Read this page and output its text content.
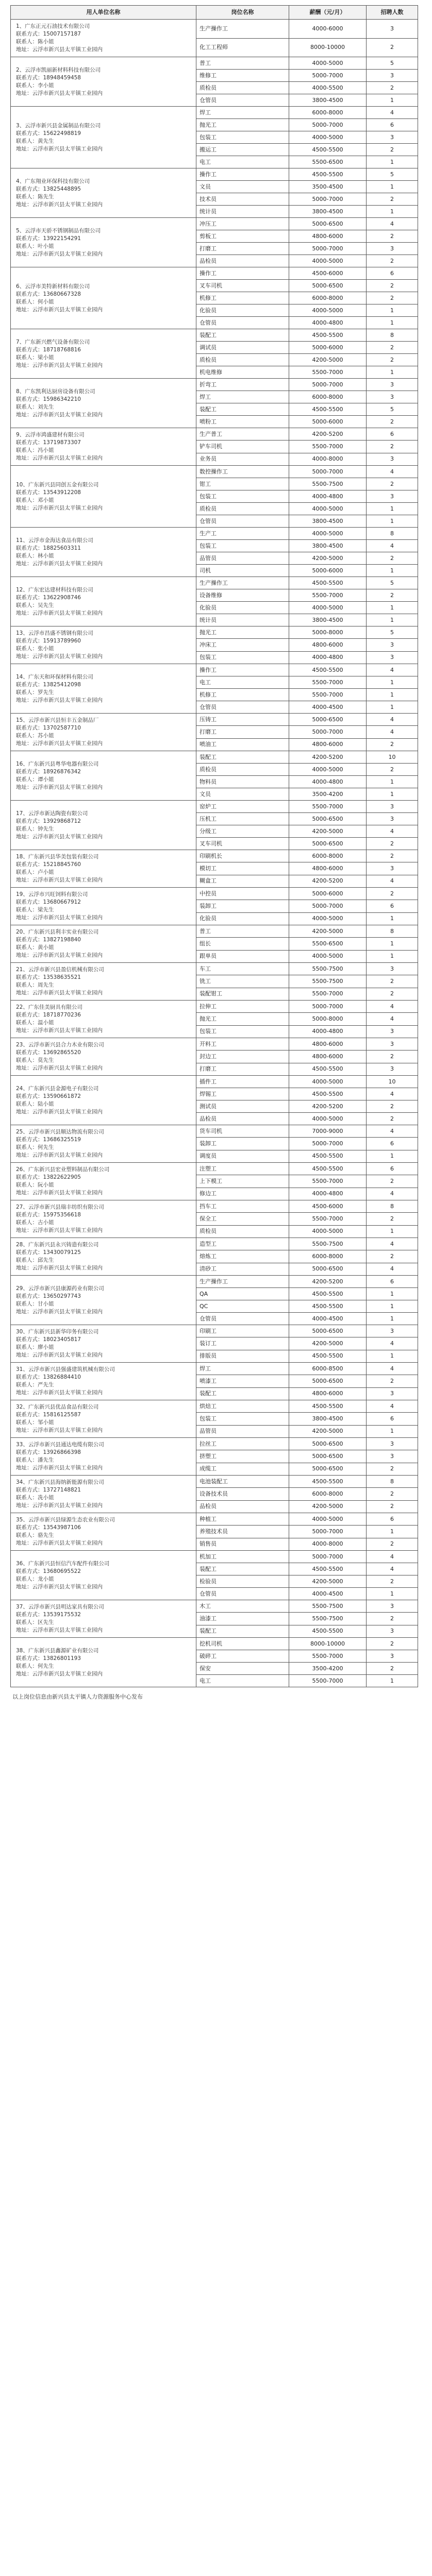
用人单位名称	岗位名称	薪酬（元/月）	招聘人数
1、广东正元石油技术有限公司
联系方式：15007157187
联系人：陈小姐
地址：云浮市新兴县太平镇工业园内	生产操作工	4000-6000	3
	化工工程师	8000-10000	2
2、云浮市凯丽新材料科技有限公司
联系方式：18948459458
联系人：李小姐
地址：云浮市新兴县太平镇工业园内	普工	4000-5000	5
	维修工	5000-7000	3
	质检员	4000-5500	2
	仓管员	3800-4500	1
3、云浮市新兴县金属制品有限公司
联系方式：15622498819
联系人：黄先生
地址：云浮市新兴县太平镇工业园内	焊工	6000-8000	4
	抛光工	5000-7000	6
	包装工	4000-5000	3
	搬运工	4500-5500	2
	电工	5500-6500	1
4、广东翔业环保科技有限公司
联系方式：13825448895
联系人：陈先生
地址：云浮市新兴县太平镇工业园内	操作工	4500-5500	5
	文员	3500-4500	1
	技术员	5000-7000	2
	统计员	3800-4500	1
5、云浮市天骄不锈钢制品有限公司
联系方式：13922154291
联系人：叶小姐
地址：云浮市新兴县太平镇工业园内	冲压工	5000-6500	4
	剪板工	4800-6000	2
	打磨工	5000-7000	3
	品检员	4000-5000	2
6、云浮市美特新材料有限公司
联系方式：13680667328
联系人：何小姐
地址：云浮市新兴县太平镇工业园内	操作工	4500-6000	6
	叉车司机	5000-6500	2
	机修工	6000-8000	2
	化验员	4000-5000	1
	仓管员	4000-4800	1
7、广东新兴燃气设备有限公司
联系方式：18718768816
联系人：梁小姐
地址：云浮市新兴县太平镇工业园内	装配工	4500-5500	8
	调试员	5000-6000	2
	质检员	4200-5000	2
	机电维修	5500-7000	1
8、广东凯利达厨房设备有限公司
联系方式：15986342210
联系人：刘先生
地址：云浮市新兴县太平镇工业园内	折弯工	5000-7000	3
	焊工	6000-8000	3
	装配工	4500-5500	5
	喷粉工	5000-6000	2
9、云浮市鸿盛建材有限公司
联系方式：13719873307
联系人：冯小姐
地址：云浮市新兴县太平镇工业园内	生产普工	4200-5200	6
	铲车司机	5500-7000	2
	业务员	4000-8000	3
10、广东新兴县同创五金有限公司
联系方式：13543912208
联系人：邓小姐
地址：云浮市新兴县太平镇工业园内	数控操作工	5000-7000	4
	钳工	5500-7500	2
	包装工	4000-4800	3
	质检员	4000-5000	1
	仓管员	3800-4500	1
11、云浮市金海达食品有限公司
联系方式：18825603311
联系人：林小姐
地址：云浮市新兴县太平镇工业园内	生产工	4000-5000	8
	包装工	3800-4500	4
	品管员	4200-5000	2
	司机	5000-6000	1
12、广东宏达建材科技有限公司
联系方式：13622908746
联系人：吴先生
地址：云浮市新兴县太平镇工业园内	生产操作工	4500-5500	5
	设备维修	5500-7000	2
	化验员	4000-5000	1
	统计员	3800-4500	1
13、云浮市昌盛不锈钢有限公司
联系方式：15913789960
联系人：张小姐
地址：云浮市新兴县太平镇工业园内	抛光工	5000-8000	5
	冲床工	4800-6000	3
	包装工	4000-4800	3
14、广东天和环保材料有限公司
联系方式：13825412098
联系人：罗先生
地址：云浮市新兴县太平镇工业园内	操作工	4500-5500	4
	电工	5500-7000	1
	机修工	5500-7000	1
	仓管员	4000-4500	1
15、云浮市新兴县恒丰五金制品厂
联系方式：13702587710
联系人：苏小姐
地址：云浮市新兴县太平镇工业园内	压铸工	5000-6500	4
	打磨工	5000-7000	4
	喷油工	4800-6000	2
16、广东新兴县粤华电器有限公司
联系方式：18926876342
联系人：谭小姐
地址：云浮市新兴县太平镇工业园内	装配工	4200-5200	10
	质检员	4000-5000	2
	物料员	4000-4800	1
	文员	3500-4200	1
17、云浮市新达陶瓷有限公司
联系方式：13929868712
联系人：钟先生
地址：云浮市新兴县太平镇工业园内	窑炉工	5500-7000	3
	压机工	5000-6500	3
	分级工	4200-5000	4
	叉车司机	5000-6500	2
18、广东新兴县华美包装有限公司
联系方式：15218845760
联系人：卢小姐
地址：云浮市新兴县太平镇工业园内	印刷机长	6000-8000	2
	模切工	4800-6000	3
	糊盒工	4200-5200	4
19、云浮市兴旺饲料有限公司
联系方式：13680667912
联系人：梁先生
地址：云浮市新兴县太平镇工业园内	中控员	5000-6000	2
	装卸工	5000-7000	6
	化验员	4000-5000	1
20、广东新兴县利丰实业有限公司
联系方式：13827198840
联系人：黄小姐
地址：云浮市新兴县太平镇工业园内	普工	4200-5000	8
	组长	5500-6500	1
	跟单员	4000-5000	1
21、云浮市新兴县盈信机械有限公司
联系方式：13538635521
联系人：周先生
地址：云浮市新兴县太平镇工业园内	车工	5500-7500	3
	铣工	5500-7500	2
	装配钳工	5500-7000	2
22、广东佳美厨具有限公司
联系方式：18718770236
联系人：温小姐
地址：云浮市新兴县太平镇工业园内	拉伸工	5000-7000	4
	抛光工	5000-8000	4
	包装工	4000-4800	3
23、云浮市新兴县合力木业有限公司
联系方式：13692865520
联系人：莫先生
地址：云浮市新兴县太平镇工业园内	开料工	4800-6000	3
	封边工	4800-6000	2
	打磨工	4500-5500	3
24、广东新兴县金源电子有限公司
联系方式：13590661872
联系人：陆小姐
地址：云浮市新兴县太平镇工业园内	插件工	4000-5000	10
	焊锡工	4500-5500	4
	测试员	4200-5200	2
	品检员	4000-5000	2
25、云浮市新兴县顺达物流有限公司
联系方式：13686325519
联系人：何先生
地址：云浮市新兴县太平镇工业园内	货车司机	7000-9000	4
	装卸工	5000-7000	6
	调度员	4500-5500	1
26、广东新兴县宏业塑料制品有限公司
联系方式：13822622905
联系人：阮小姐
地址：云浮市新兴县太平镇工业园内	注塑工	4500-5500	6
	上下模工	5500-7000	2
	修边工	4000-4800	4
27、云浮市新兴县瑞丰纺织有限公司
联系方式：15975356618
联系人：古小姐
地址：云浮市新兴县太平镇工业园内	挡车工	4500-6000	8
	保全工	5500-7000	2
	质检员	4000-5000	1
28、广东新兴县永兴铸造有限公司
联系方式：13430079125
联系人：邱先生
地址：云浮市新兴县太平镇工业园内	造型工	5500-7500	4
	熔炼工	6000-8000	2
	清砂工	5000-6500	4
29、云浮市新兴县康源药业有限公司
联系方式：13650297743
联系人：甘小姐
地址：云浮市新兴县太平镇工业园内	生产操作工	4200-5200	6
	QA	4500-5500	1
	QC	4500-5500	1
	仓管员	4000-4500	1
30、广东新兴县新华印务有限公司
联系方式：18023405817
联系人：廖小姐
地址：云浮市新兴县太平镇工业园内	印刷工	5000-6500	3
	装订工	4200-5000	4
	排版员	4500-5500	1
31、云浮市新兴县强盛建筑机械有限公司
联系方式：13826884410
联系人：严先生
地址：云浮市新兴县太平镇工业园内	焊工	6000-8500	4
	喷漆工	5000-6500	2
	装配工	4800-6000	3
32、广东新兴县优品食品有限公司
联系方式：15816125587
联系人：邹小姐
地址：云浮市新兴县太平镇工业园内	烘焙工	4500-5500	4
	包装工	3800-4500	6
	品管员	4200-5000	1
33、云浮市新兴县通达电缆有限公司
联系方式：13926866398
联系人：潘先生
地址：云浮市新兴县太平镇工业园内	拉丝工	5000-6500	3
	挤塑工	5000-6500	3
	成缆工	5000-6500	2
34、广东新兴县海纳新能源有限公司
联系方式：13727148821
联系人：冼小姐
地址：云浮市新兴县太平镇工业园内	电池装配工	4500-5500	8
	设备技术员	6000-8000	2
	品检员	4200-5000	2
35、云浮市新兴县绿源生态农业有限公司
联系方式：13543987106
联系人：骆先生
地址：云浮市新兴县太平镇工业园内	种植工	4000-5000	6
	养殖技术员	5000-7000	1
	销售员	4000-8000	2
36、广东新兴县恒信汽车配件有限公司
联系方式：13680695522
联系人：龙小姐
地址：云浮市新兴县太平镇工业园内	机加工	5000-7000	4
	装配工	4500-5500	4
	检验员	4200-5000	2
	仓管员	4000-4500	1
37、云浮市新兴县明达家具有限公司
联系方式：13539175532
联系人：区先生
地址：云浮市新兴县太平镇工业园内	木工	5500-7500	3
	油漆工	5500-7500	2
	装配工	4500-5500	3
38、广东新兴县鑫源矿业有限公司
联系方式：13826801193
联系人：何先生
地址：云浮市新兴县太平镇工业园内	挖机司机	8000-10000	2
	破碎工	5500-7000	3
	保安	3500-4200	2
	电工	5500-7000	1
以上岗位信息由新兴县太平镇人力资源服务中心发布
